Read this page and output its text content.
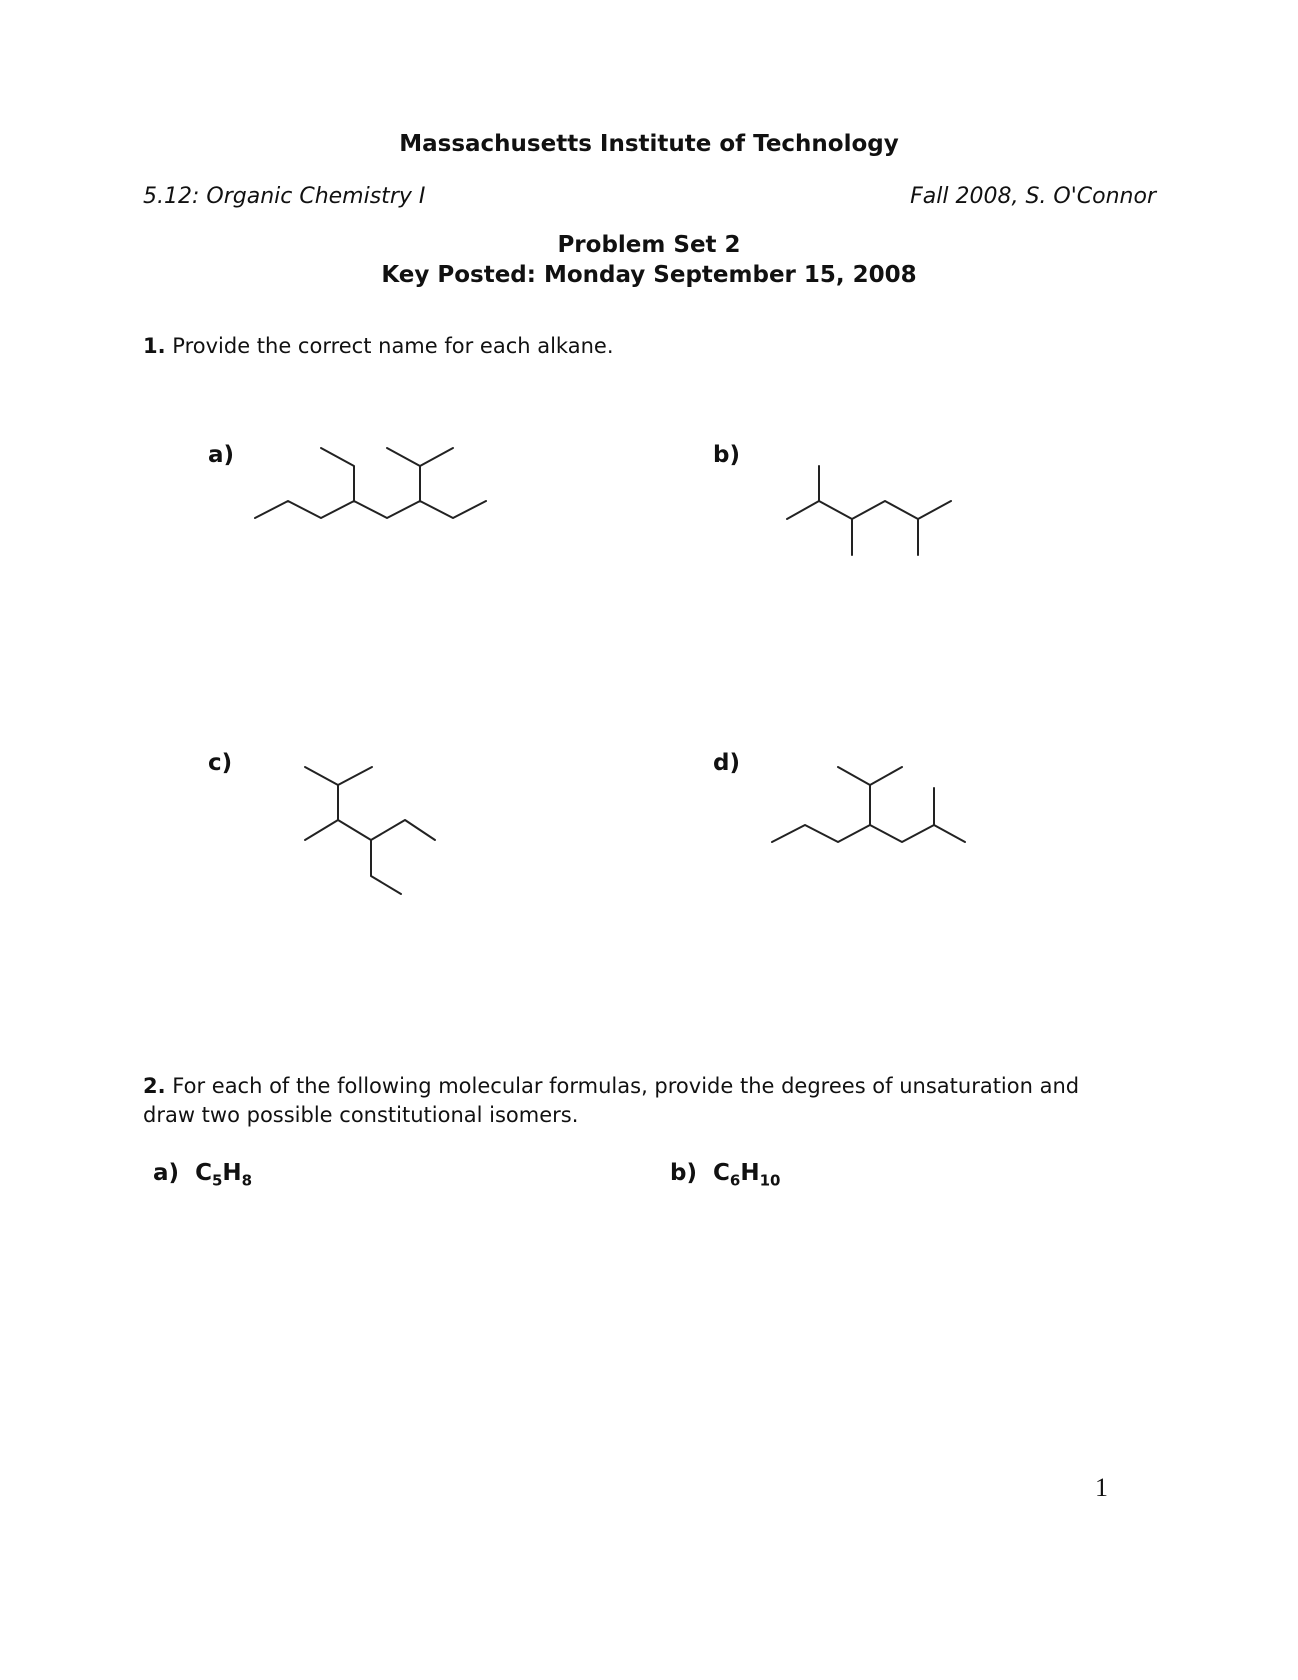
Massachusetts Institute of Technology
5.12: Organic Chemistry I	Fall 2008, S. O'Connor
Problem Set 2
Key Posted: Monday September 15, 2008
1. Provide the correct name for each alkane.
a)	b)
c)	d)
2. For each of the following molecular formulas, provide the degrees of unsaturation and
draw two possible constitutional isomers.
a) $C_5H_8$	b) $C_6H_{10}$
1
